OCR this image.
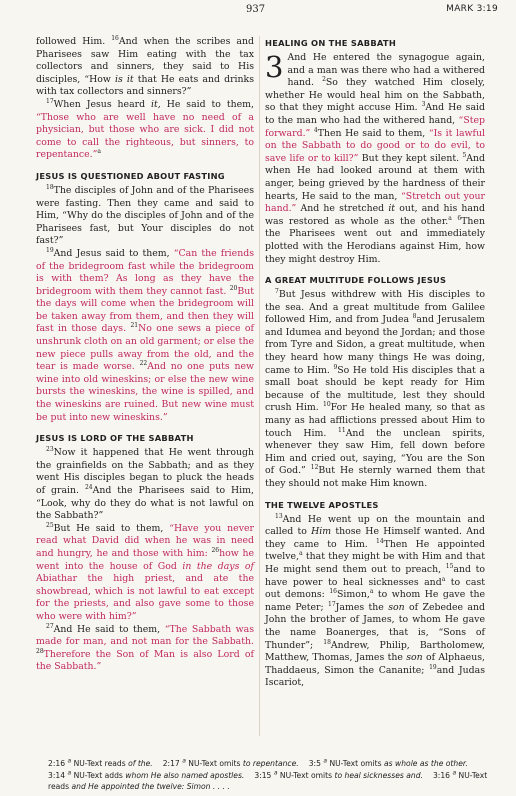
937	MARK 3:19

followed Him. $^{16}$And when the scribes and Pharisees saw Him eating with the tax collectors and sinners, they said to His disciples, “How is it that He eats and drinks with tax collectors and sinners?”

$^{17}$When Jesus heard it, He said to them, “Those who are well have no need of a physician, but those who are sick. I did not come to call the righteous, but sinners, to repentance.”$^a$

JESUS IS QUESTIONED ABOUT FASTING

$^{18}$The disciples of John and of the Pharisees were fasting. Then they came and said to Him, “Why do the disciples of John and of the Pharisees fast, but Your disciples do not fast?”

$^{19}$And Jesus said to them, “Can the friends of the bridegroom fast while the bridegroom is with them? As long as they have the bridegroom with them they cannot fast. $^{20}$But the days will come when the bridegroom will be taken away from them, and then they will fast in those days. $^{21}$No one sews a piece of unshrunk cloth on an old garment; or else the new piece pulls away from the old, and the tear is made worse. $^{22}$And no one puts new wine into old wineskins; or else the new wine bursts the wineskins, the wine is spilled, and the wineskins are ruined. But new wine must be put into new wineskins.”

JESUS IS LORD OF THE SABBATH

$^{23}$Now it happened that He went through the grainfields on the Sabbath; and as they went His disciples began to pluck the heads of grain. $^{24}$And the Pharisees said to Him, “Look, why do they do what is not lawful on the Sabbath?”

$^{25}$But He said to them, “Have you never read what David did when he was in need and hungry, he and those with him: $^{26}$how he went into the house of God in the days of Abiathar the high priest, and ate the showbread, which is not lawful to eat except for the priests, and also gave some to those who were with him?”

$^{27}$And He said to them, “The Sabbath was made for man, and not man for the Sabbath. $^{28}$Therefore the Son of Man is also Lord of the Sabbath.”

HEALING ON THE SABBATH

3 And He entered the synagogue again, and a man was there who had a withered hand. $^2$So they watched Him closely, whether He would heal him on the Sabbath, so that they might accuse Him. $^3$And He said to the man who had the withered hand, “Step forward.” $^4$Then He said to them, “Is it lawful on the Sabbath to do good or to do evil, to save life or to kill?” But they kept silent. $^5$And when He had looked around at them with anger, being grieved by the hardness of their hearts, He said to the man, “Stretch out your hand.” And he stretched it out, and his hand was restored as whole as the other.$^a$ $^6$Then the Pharisees went out and immediately plotted with the Herodians against Him, how they might destroy Him.

A GREAT MULTITUDE FOLLOWS JESUS

$^7$But Jesus withdrew with His disciples to the sea. And a great multitude from Galilee followed Him, and from Judea $^8$and Jerusalem and Idumea and beyond the Jordan; and those from Tyre and Sidon, a great multitude, when they heard how many things He was doing, came to Him. $^9$So He told His disciples that a small boat should be kept ready for Him because of the multitude, lest they should crush Him. $^{10}$For He healed many, so that as many as had afflictions pressed about Him to touch Him. $^{11}$And the unclean spirits, whenever they saw Him, fell down before Him and cried out, saying, “You are the Son of God.” $^{12}$But He sternly warned them that they should not make Him known.

THE TWELVE APOSTLES

$^{13}$And He went up on the mountain and called to Him those He Himself wanted. And they came to Him. $^{14}$Then He appointed twelve,$^a$ that they might be with Him and that He might send them out to preach, $^{15}$and to have power to heal sicknesses and$^a$ to cast out demons: $^{16}$Simon,$^a$ to whom He gave the name Peter; $^{17}$James the son of Zebedee and John the brother of James, to whom He gave the name Boanerges, that is, “Sons of Thunder”; $^{18}$Andrew, Philip, Bartholomew, Matthew, Thomas, James the son of Alphaeus, Thaddaeus, Simon the Cananite; $^{19}$and Judas Iscariot,

2:16 $^a$ NU-Text reads of the.  2:17 $^a$ NU-Text omits to repentance.  3:5 $^a$ NU-Text omits as whole as the other.  3:14 $^a$ NU-Text adds whom He also named apostles.  3:15 $^a$ NU-Text omits to heal sicknesses and.  3:16 $^a$ NU-Text reads and He appointed the twelve: Simon . . . .
